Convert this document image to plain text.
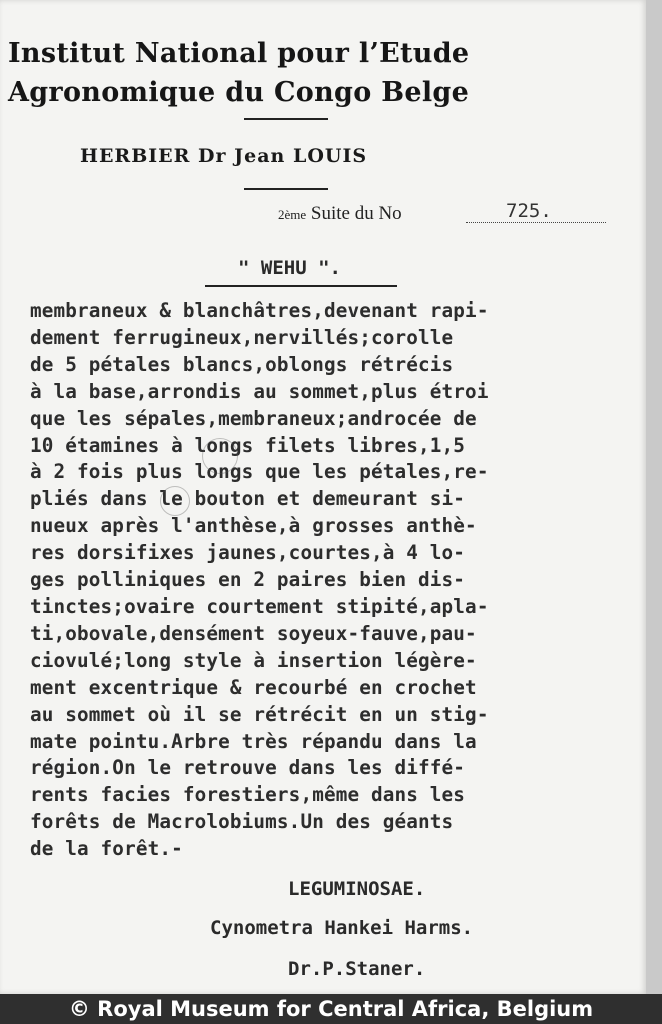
Institut National pour l’Etude
Agronomique du Congo Belge
HERBIER Dr Jean LOUIS
2ème Suite du No	725.
" WEHU ".
membraneux & blanchâtres,devenant rapi-
dement ferrugineux,nervillés;corolle
de 5 pétales blancs,oblongs rétrécis
à la base,arrondis au sommet,plus étroi
que les sépales,membraneux;androcée de
10 étamines à longs filets libres,1,5
à 2 fois plus longs que les pétales,re-
pliés dans le bouton et demeurant si-
nueux après l'anthèse,à grosses anthè-
res dorsifixes jaunes,courtes,à 4 lo-
ges polliniques en 2 paires bien dis-
tinctes;ovaire courtement stipité,apla-
ti,obovale,densément soyeux-fauve,pau-
ciovulé;long style à insertion légère-
ment excentrique & recourbé en crochet
au sommet où il se rétrécit en un stig-
mate pointu.Arbre très répandu dans la
région.On le retrouve dans les diffé-
rents facies forestiers,même dans les
forêts de Macrolobiums.Un des géants
de la forêt.-
LEGUMINOSAE.
Cynometra Hankei Harms.
Dr.P.Staner.
© Royal Museum for Central Africa, Belgium
